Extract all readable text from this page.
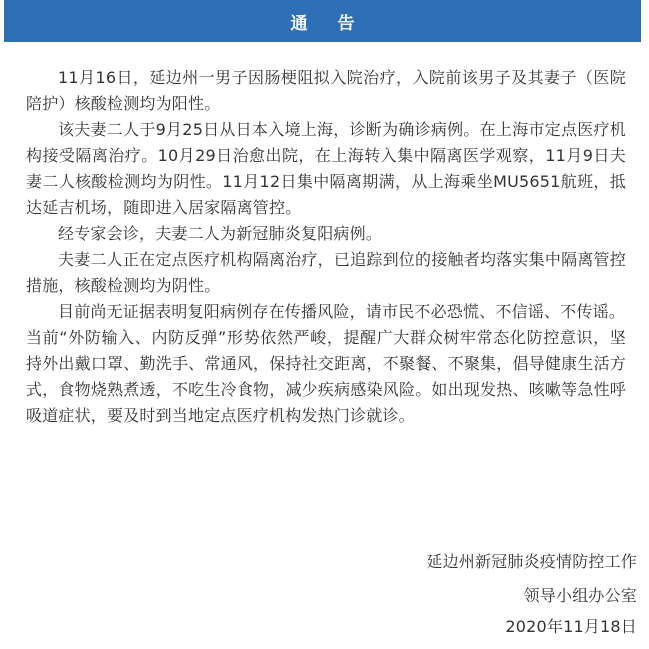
通 告

11月16日，延边州一男子因肠梗阻拟入院治疗，入院前该男子及其妻子（医院陪护）核酸检测均为阳性。

该夫妻二人于9月25日从日本入境上海，诊断为确诊病例。在上海市定点医疗机构接受隔离治疗。10月29日治愈出院，在上海转入集中隔离医学观察，11月9日夫妻二人核酸检测均为阴性。11月12日集中隔离期满，从上海乘坐MU5651航班，抵达延吉机场，随即进入居家隔离管控。

经专家会诊，夫妻二人为新冠肺炎复阳病例。

夫妻二人正在定点医疗机构隔离治疗，已追踪到位的接触者均落实集中隔离管控措施，核酸检测均为阴性。

目前尚无证据表明复阳病例存在传播风险，请市民不必恐慌、不信谣、不传谣。

当前“外防输入、内防反弹”形势依然严峻，提醒广大群众树牢常态化防控意识，坚持外出戴口罩、勤洗手、常通风，保持社交距离，不聚餐、不聚集，倡导健康生活方式，食物烧熟煮透，不吃生冷食物，减少疾病感染风险。如出现发热、咳嗽等急性呼吸道症状，要及时到当地定点医疗机构发热门诊就诊。

延边州新冠肺炎疫情防控工作
领导小组办公室
2020年11月18日
